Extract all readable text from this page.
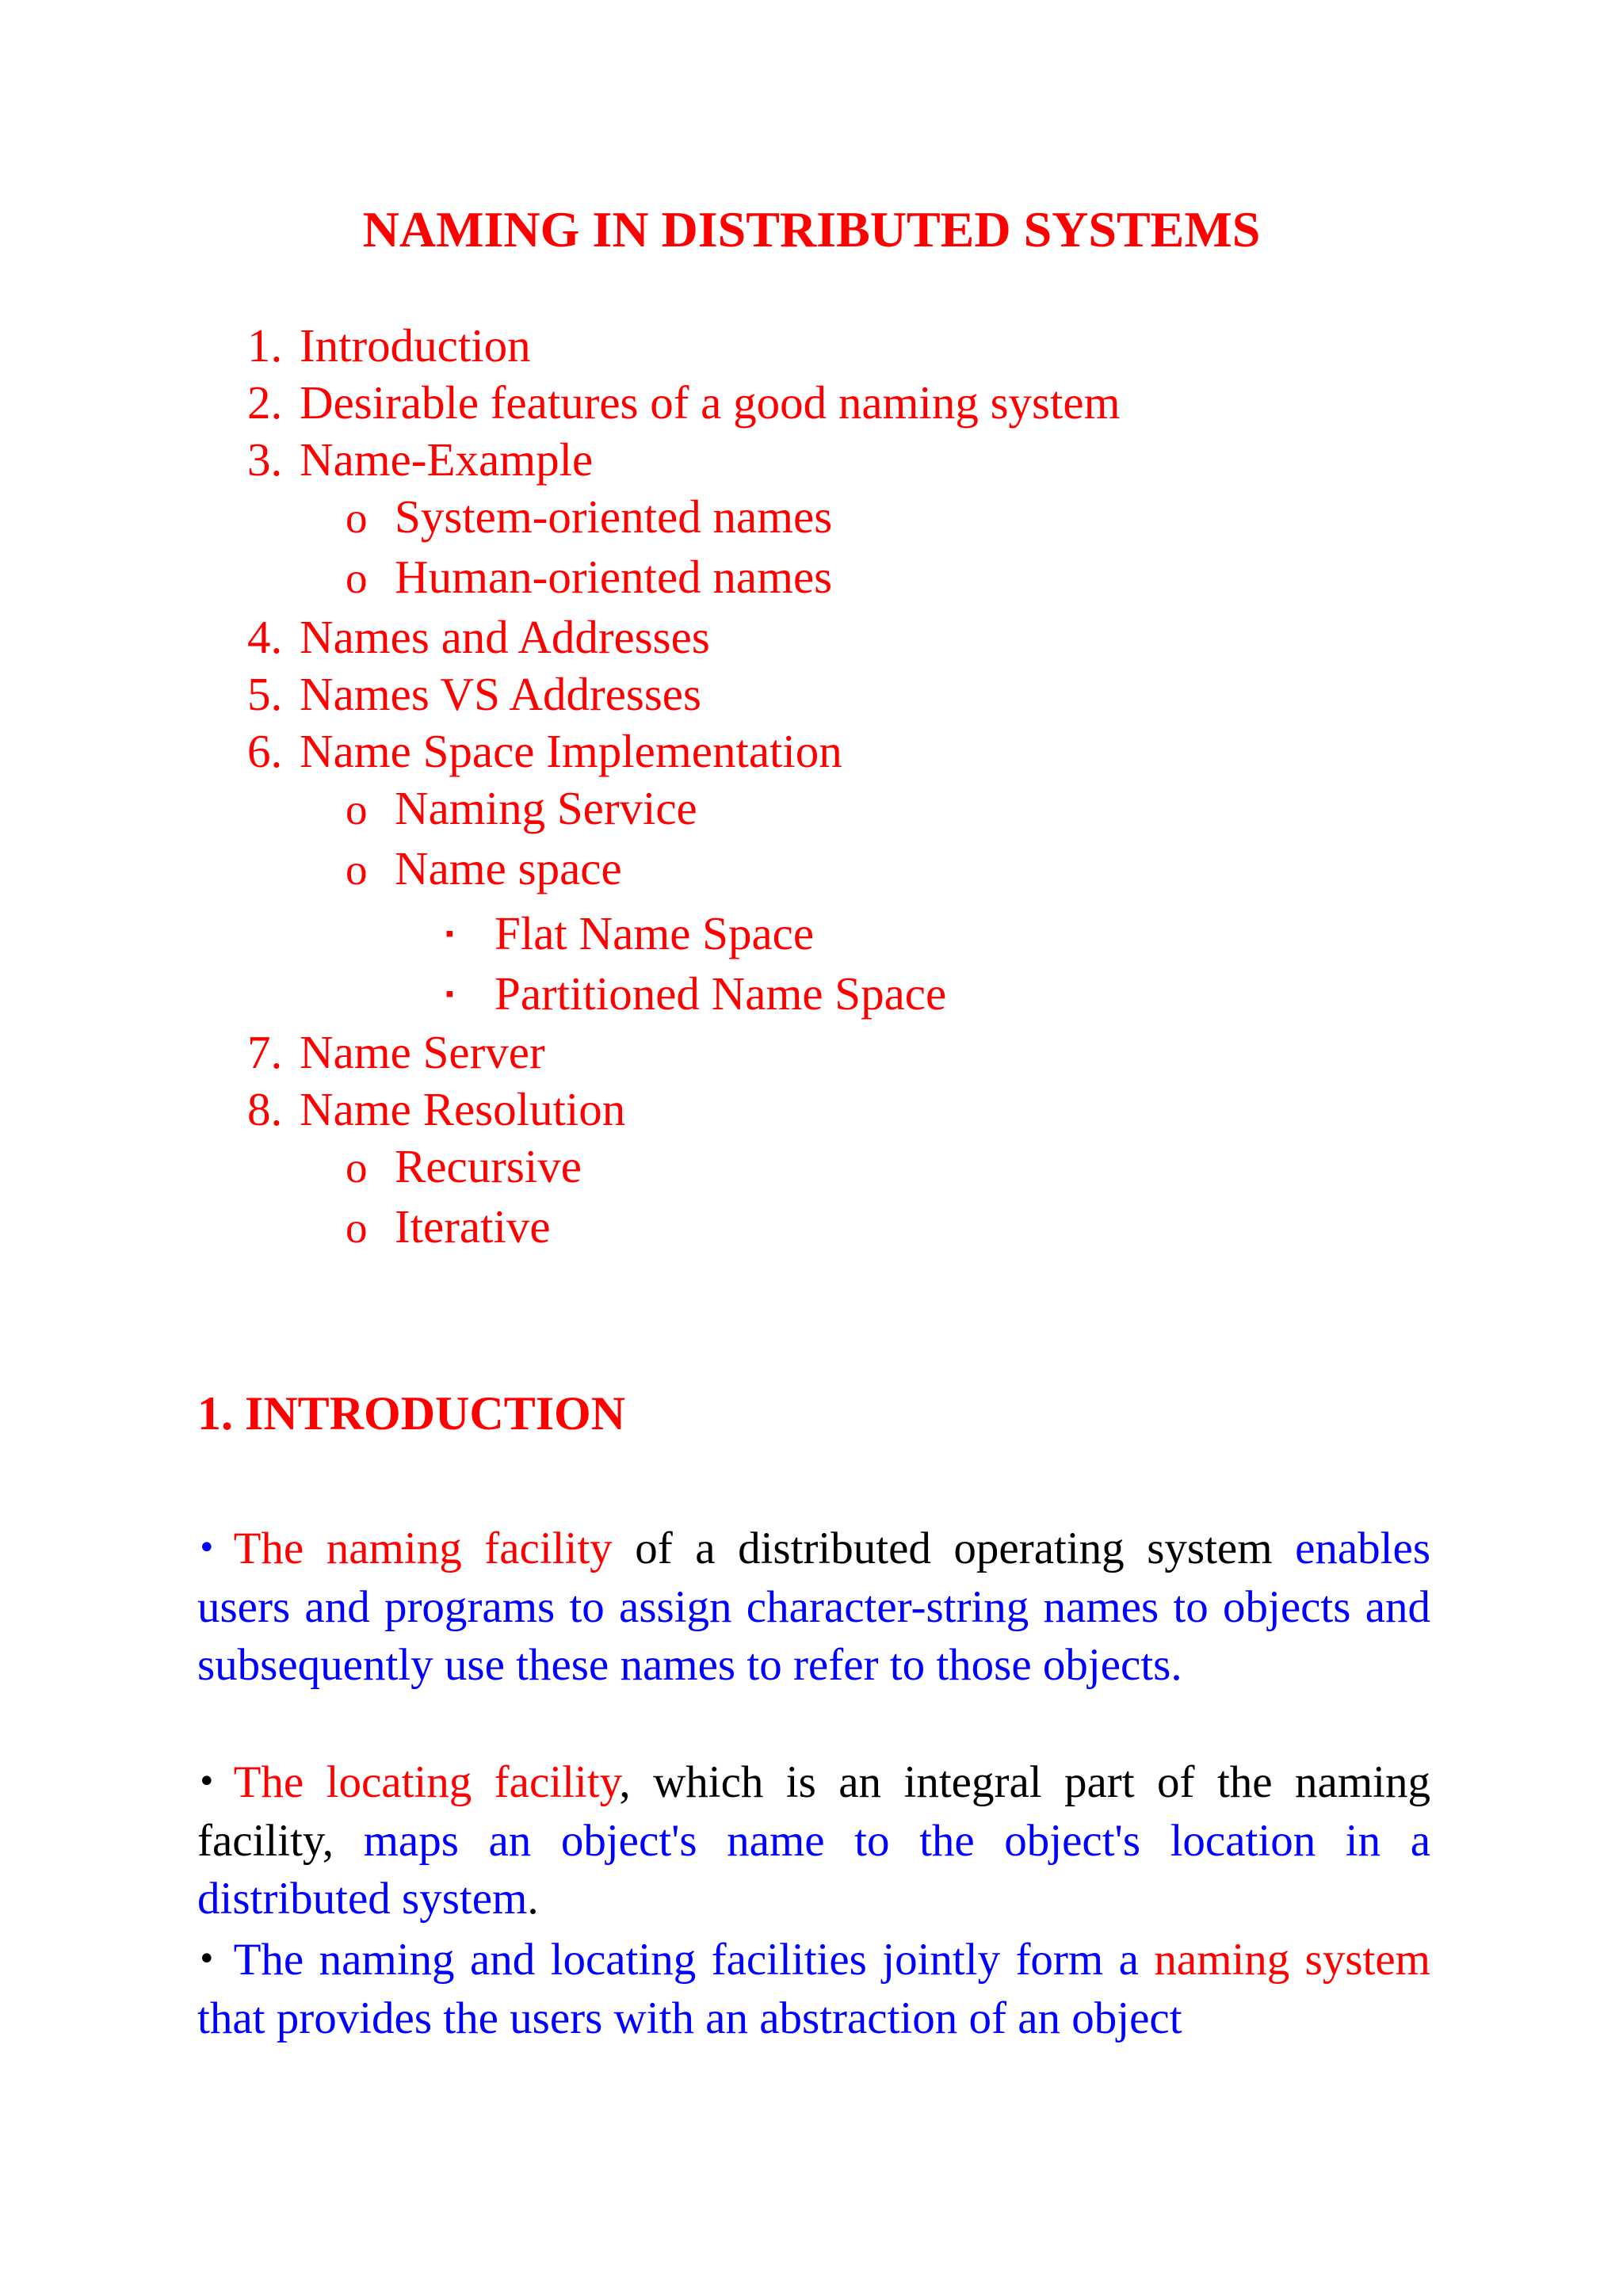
NAMING IN DISTRIBUTED SYSTEMS
1. Introduction
2. Desirable features of a good naming system
3. Name-Example
o System-oriented names
o Human-oriented names
4. Names and Addresses
5. Names VS Addresses
6. Name Space Implementation
o Naming Service
o Name space
▪ Flat Name Space
▪ Partitioned Name Space
7. Name Server
8. Name Resolution
o Recursive
o Iterative
1. INTRODUCTION
• The naming facility of a distributed operating system enables users and programs to assign character-string names to objects and subsequently use these names to refer to those objects.
• The locating facility, which is an integral part of the naming facility, maps an object's name to the object's location in a distributed system.
• The naming and locating facilities jointly form a naming system that provides the users with an abstraction of an object
